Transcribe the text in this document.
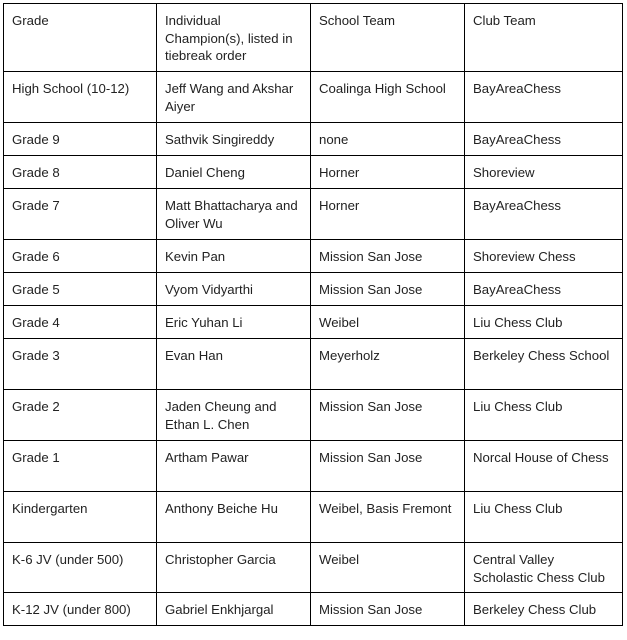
Grade	Individual Champion(s), listed in tiebreak order	School Team	Club Team
High School (10-12)	Jeff Wang and Akshar Aiyer	Coalinga High School	BayAreaChess
Grade 9	Sathvik Singireddy	none	BayAreaChess
Grade 8	Daniel Cheng	Horner	Shoreview
Grade 7	Matt Bhattacharya and Oliver Wu	Horner	BayAreaChess
Grade 6	Kevin Pan	Mission San Jose	Shoreview Chess
Grade 5	Vyom Vidyarthi	Mission San Jose	BayAreaChess
Grade 4	Eric Yuhan Li	Weibel	Liu Chess Club
Grade 3	Evan Han	Meyerholz	Berkeley Chess School
Grade 2	Jaden Cheung and Ethan L. Chen	Mission San Jose	Liu Chess Club
Grade 1	Artham Pawar	Mission San Jose	Norcal House of Chess
Kindergarten	Anthony Beiche Hu	Weibel, Basis Fremont	Liu Chess Club
K-6 JV (under 500)	Christopher Garcia	Weibel	Central Valley Scholastic Chess Club
K-12 JV (under 800)	Gabriel Enkhjargal	Mission San Jose	Berkeley Chess Club
